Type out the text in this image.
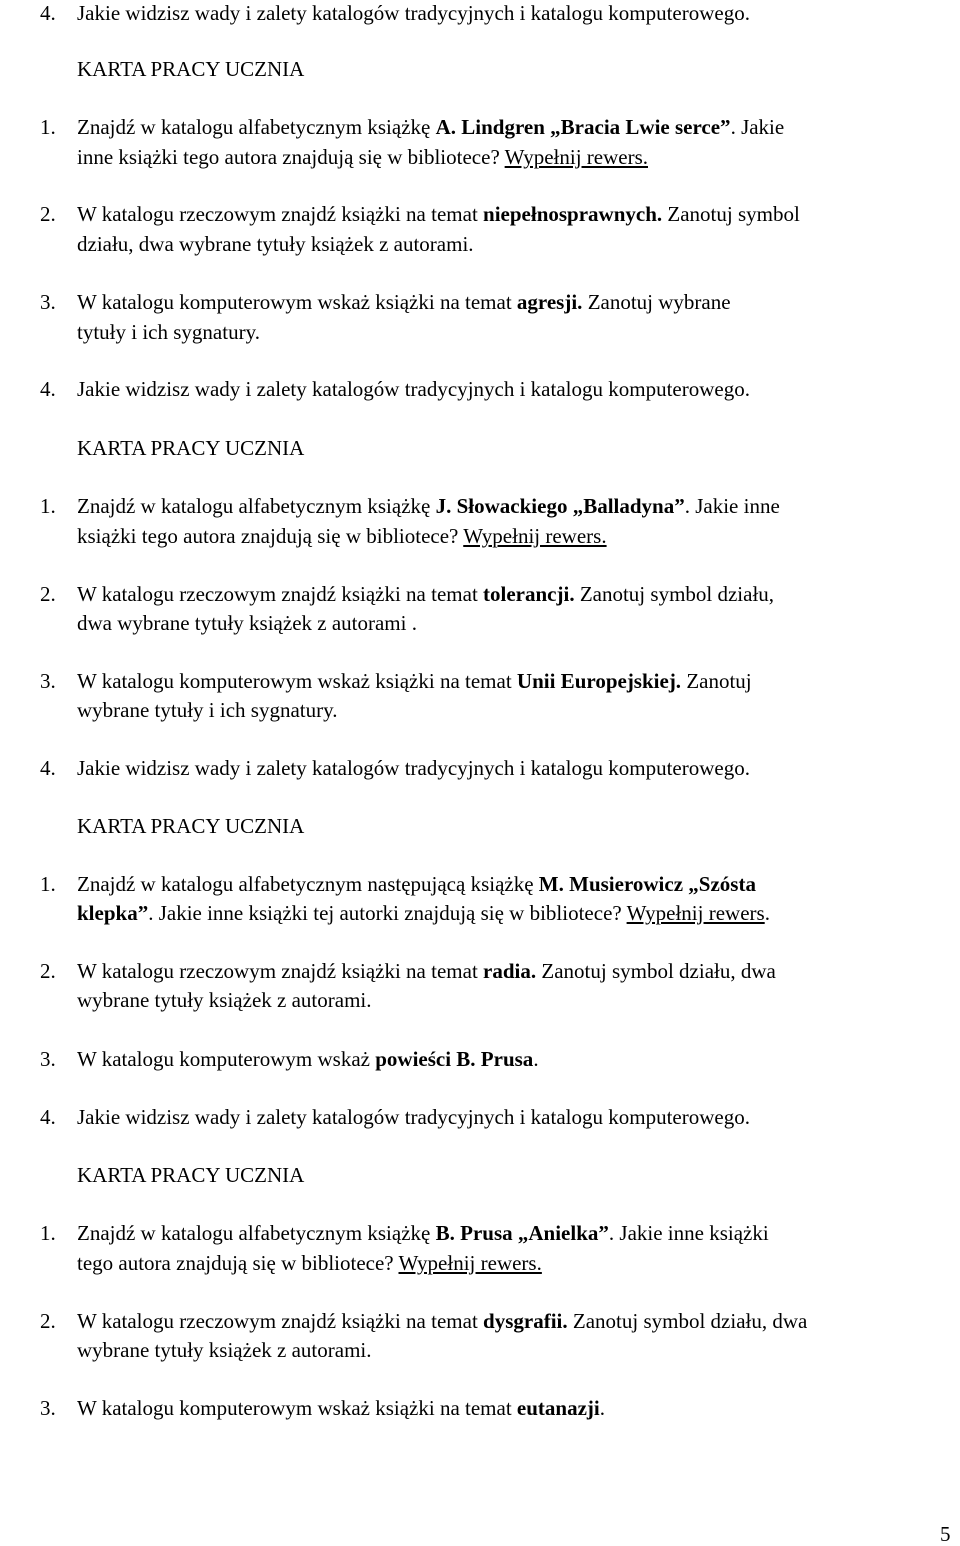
4. Jakie widzisz wady i zalety katalogów tradycyjnych i katalogu komputerowego.
KARTA PRACY UCZNIA
1. Znajdź w katalogu alfabetycznym książkę A. Lindgren „Bracia Lwie serce”. Jakie
inne książki tego autora znajdują się w bibliotece? Wypełnij rewers.
2. W katalogu rzeczowym znajdź książki na temat niepełnosprawnych. Zanotuj symbol
działu, dwa wybrane tytuły książek z autorami.
3. W katalogu komputerowym wskaż książki na temat agresji. Zanotuj wybrane
tytuły i ich sygnatury.
4. Jakie widzisz wady i zalety katalogów tradycyjnych i katalogu komputerowego.
KARTA PRACY UCZNIA
1. Znajdź w katalogu alfabetycznym książkę J. Słowackiego „Balladyna”. Jakie inne
książki tego autora znajdują się w bibliotece? Wypełnij rewers.
2. W katalogu rzeczowym znajdź książki na temat tolerancji. Zanotuj symbol działu,
dwa wybrane tytuły książek z autorami .
3. W katalogu komputerowym wskaż książki na temat Unii Europejskiej. Zanotuj
wybrane tytuły i ich sygnatury.
4. Jakie widzisz wady i zalety katalogów tradycyjnych i katalogu komputerowego.
KARTA PRACY UCZNIA
1. Znajdź w katalogu alfabetycznym następującą książkę M. Musierowicz „Szósta
klepka”. Jakie inne książki tej autorki znajdują się w bibliotece? Wypełnij rewers.
2. W katalogu rzeczowym znajdź książki na temat radia. Zanotuj symbol działu, dwa
wybrane tytuły książek z autorami.
3. W katalogu komputerowym wskaż powieści B. Prusa.
4. Jakie widzisz wady i zalety katalogów tradycyjnych i katalogu komputerowego.
KARTA PRACY UCZNIA
1. Znajdź w katalogu alfabetycznym książkę B. Prusa „Anielka”. Jakie inne książki
tego autora znajdują się w bibliotece? Wypełnij rewers.
2. W katalogu rzeczowym znajdź książki na temat dysgrafii. Zanotuj symbol działu, dwa
wybrane tytuły książek z autorami.
3. W katalogu komputerowym wskaż książki na temat eutanazji.
5
